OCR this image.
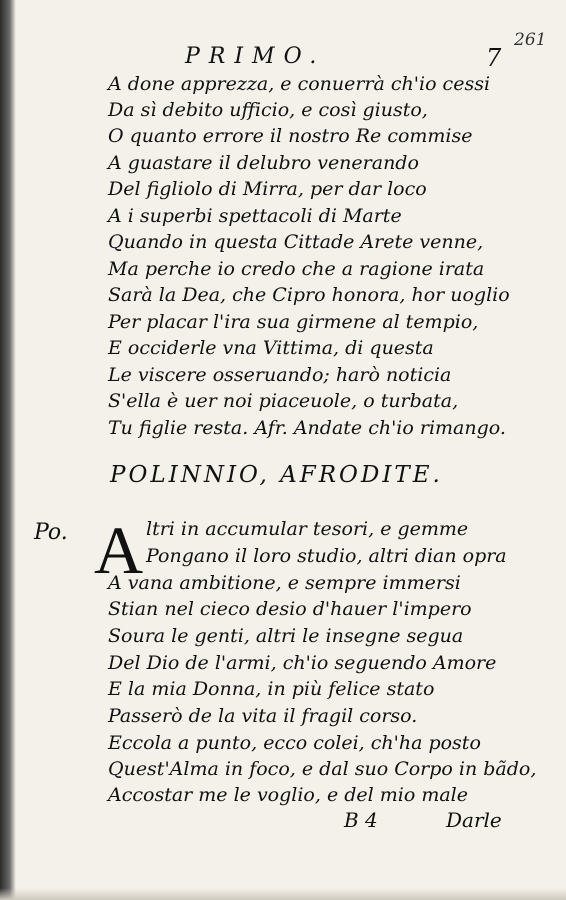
PRIMO.	7
261
A done apprezza, e conuerrà ch'io cessi
Da sì debito ufficio, e così giusto,
O quanto errore il nostro Re commise
A guastare il delubro venerando
Del figliolo di Mirra, per dar loco
A i superbi spettacoli di Marte
Quando in questa Cittade Arete venne,
Ma perche io credo che a ragione irata
Sarà la Dea, che Cipro honora, hor uoglio
Per placar l'ira sua girmene al tempio,
E occiderle vna Vittima, di questa
Le viscere osseruando; harò noticia
S'ella è uer noi piaceuole, o turbata,
Tu figlie resta. Afr. Andate ch'io rimango.
POLINNIO, AFRODITE.
Po. A ltri in accumular tesori, e gemme
Pongano il loro studio, altri dian opra
A vana ambitione, e sempre immersi
Stian nel cieco desio d'hauer l'impero
Soura le genti, altri le insegne segua
Del Dio de l'armi, ch'io seguendo Amore
E la mia Donna, in più felice stato
Passerò de la vita il fragil corso.
Eccola a punto, ecco colei, ch'ha posto
Quest'Alma in foco, e dal suo Corpo in bãdo,
Accostar me le voglio, e del mio male
B 4	Darle
